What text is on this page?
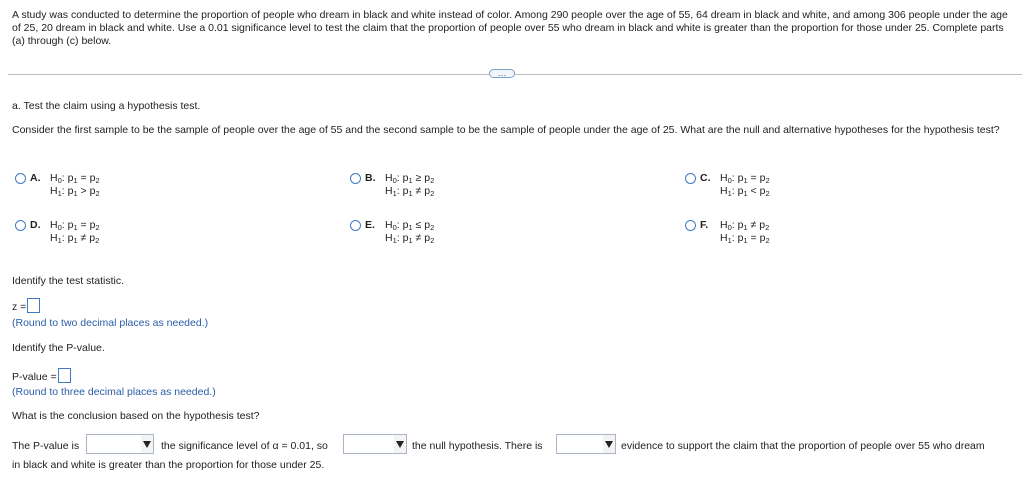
A study was conducted to determine the proportion of people who dream in black and white instead of color. Among 290 people over the age of 55, 64 dream in black and white, and among 306 people under the age of 25, 20 dream in black and white. Use a 0.01 significance level to test the claim that the proportion of people over 55 who dream in black and white is greater than the proportion for those under 25. Complete parts (a) through (c) below.
…
a. Test the claim using a hypothesis test.
Consider the first sample to be the sample of people over the age of 55 and the second sample to be the sample of people under the age of 25. What are the null and alternative hypotheses for the hypothesis test?
A. $H_0$: $p_1 = p_2$
$H_1$: $p_1 > p_2$
B. $H_0$: $p_1 \ge p_2$
$H_1$: $p_1 \ne p_2$
C. $H_0$: $p_1 = p_2$
$H_1$: $p_1 < p_2$
D. $H_0$: $p_1 = p_2$
$H_1$: $p_1 \ne p_2$
E. $H_0$: $p_1 \le p_2$
$H_1$: $p_1 \ne p_2$
F. $H_0$: $p_1 \ne p_2$
$H_1$: $p_1 = p_2$
Identify the test statistic.
z =
(Round to two decimal places as needed.)
Identify the P-value.
P-value =
(Round to three decimal places as needed.)
What is the conclusion based on the hypothesis test?
The P-value is	the significance level of α = 0.01, so	the null hypothesis. There is	evidence to support the claim that the proportion of people over 55 who dream
in black and white is greater than the proportion for those under 25.
